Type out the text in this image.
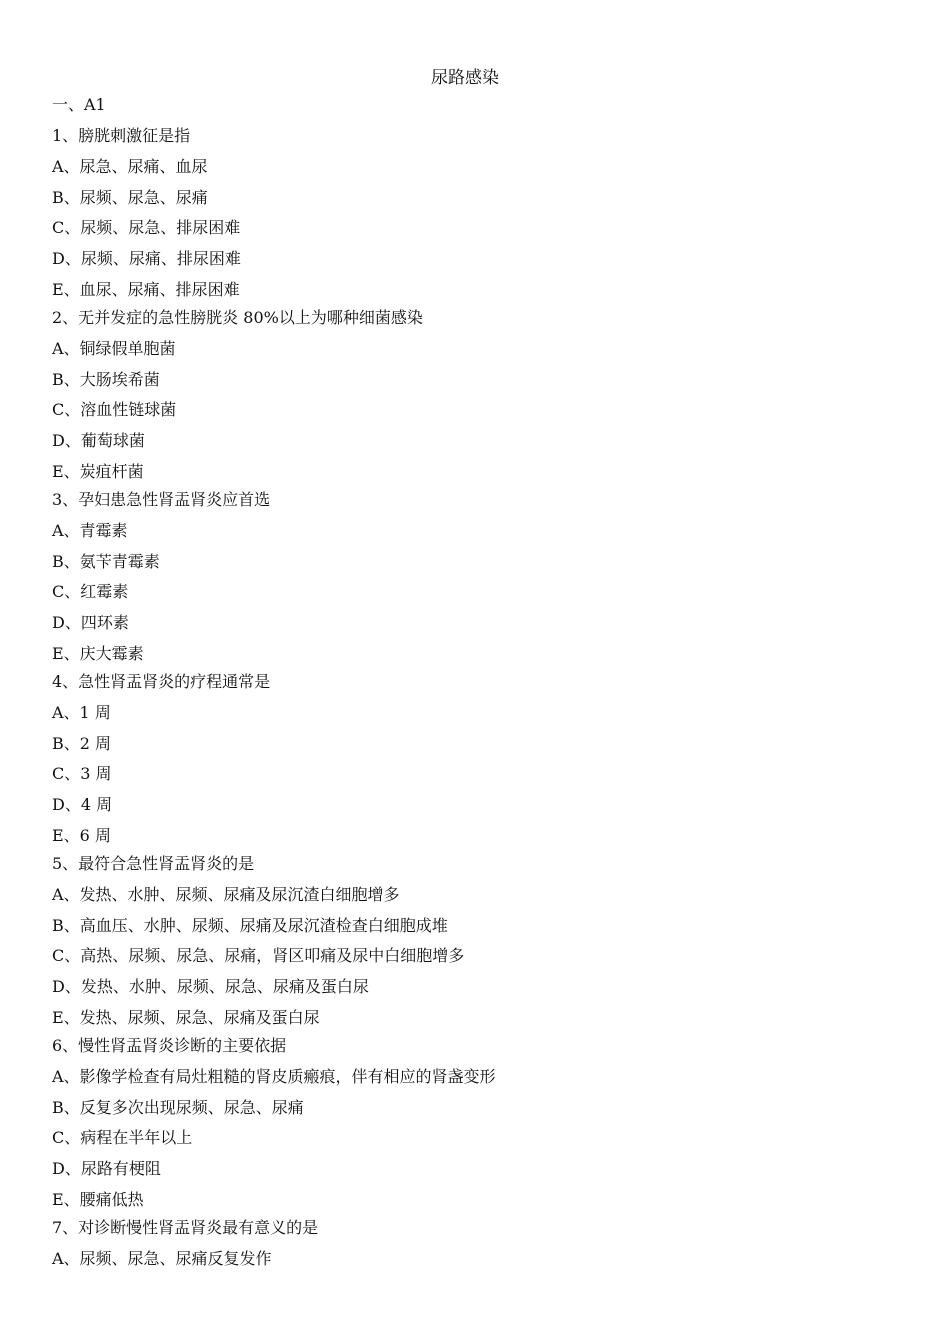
尿路感染
一、A1
1、膀胱刺激征是指
A、尿急、尿痛、血尿
B、尿频、尿急、尿痛
C、尿频、尿急、排尿困难
D、尿频、尿痛、排尿困难
E、血尿、尿痛、排尿困难
2、无并发症的急性膀胱炎 80%以上为哪种细菌感染
A、铜绿假单胞菌
B、大肠埃希菌
C、溶血性链球菌
D、葡萄球菌
E、炭疽杆菌
3、孕妇患急性肾盂肾炎应首选
A、青霉素
B、氨苄青霉素
C、红霉素
D、四环素
E、庆大霉素
4、急性肾盂肾炎的疗程通常是
A、1 周
B、2 周
C、3 周
D、4 周
E、6 周
5、最符合急性肾盂肾炎的是
A、发热、水肿、尿频、尿痛及尿沉渣白细胞增多
B、高血压、水肿、尿频、尿痛及尿沉渣检查白细胞成堆
C、高热、尿频、尿急、尿痛，肾区叩痛及尿中白细胞增多
D、发热、水肿、尿频、尿急、尿痛及蛋白尿
E、发热、尿频、尿急、尿痛及蛋白尿
6、慢性肾盂肾炎诊断的主要依据
A、影像学检查有局灶粗糙的肾皮质瘢痕，伴有相应的肾盏变形
B、反复多次出现尿频、尿急、尿痛
C、病程在半年以上
D、尿路有梗阻
E、腰痛低热
7、对诊断慢性肾盂肾炎最有意义的是
A、尿频、尿急、尿痛反复发作
